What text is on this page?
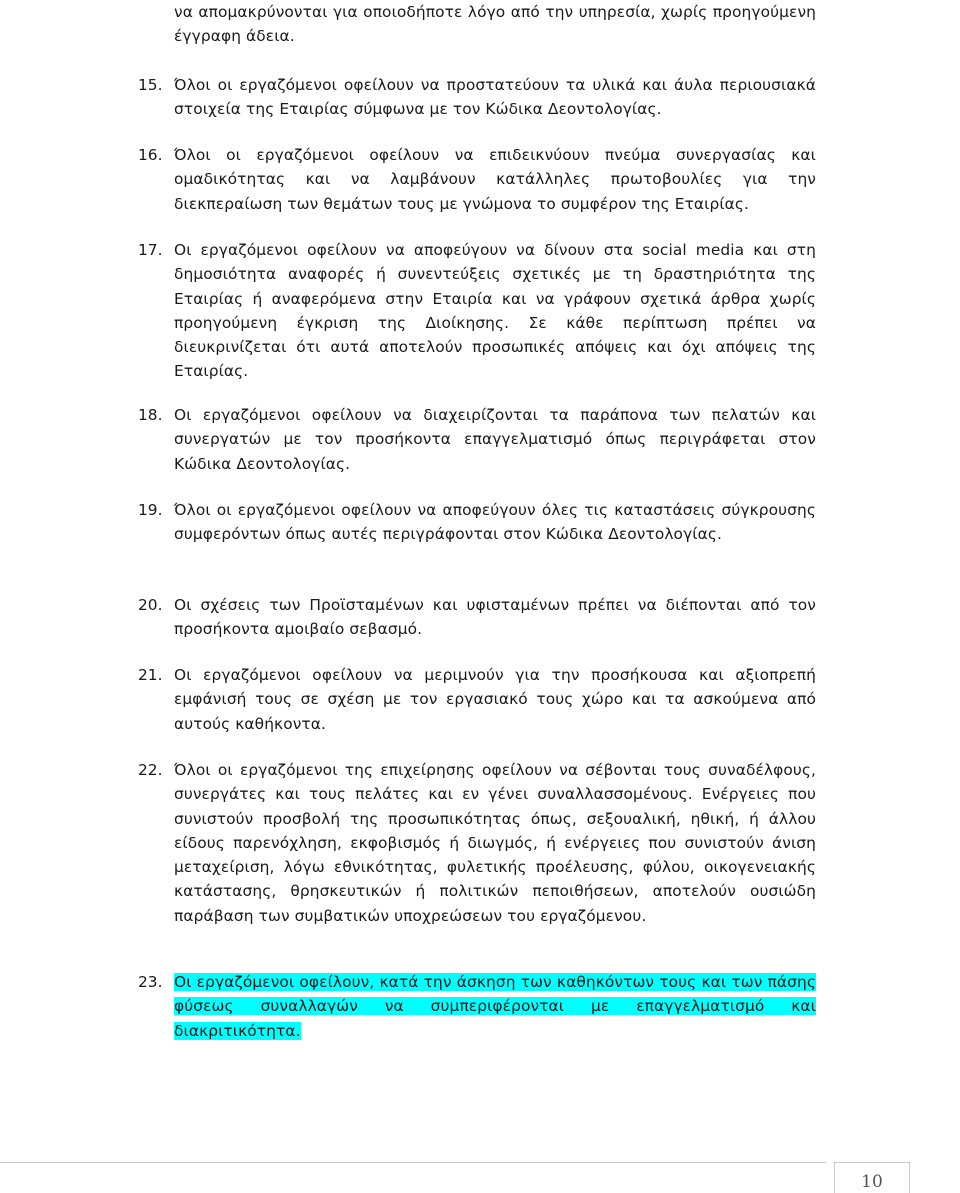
να απομακρύνονται για οποιοδήποτε λόγο από την υπηρεσία, χωρίς προηγούμενη έγγραφη άδεια.
15. Όλοι οι εργαζόμενοι οφείλουν να προστατεύουν τα υλικά και άυλα περιουσιακά στοιχεία της Εταιρίας σύμφωνα με τον Κώδικα Δεοντολογίας.
16. Όλοι οι εργαζόμενοι οφείλουν να επιδεικνύουν πνεύμα συνεργασίας και ομαδικότητας και να λαμβάνουν κατάλληλες πρωτοβουλίες για την διεκπεραίωση των θεμάτων τους με γνώμονα το συμφέρον της Εταιρίας.
17. Οι εργαζόμενοι οφείλουν να αποφεύγουν να δίνουν στα social media και στη δημοσιότητα αναφορές ή συνεντεύξεις σχετικές με τη δραστηριότητα της Εταιρίας ή αναφερόμενα στην Εταιρία και να γράφουν σχετικά άρθρα χωρίς προηγούμενη έγκριση της Διοίκησης. Σε κάθε περίπτωση πρέπει να διευκρινίζεται ότι αυτά αποτελούν προσωπικές απόψεις και όχι απόψεις της Εταιρίας.
18. Οι εργαζόμενοι οφείλουν να διαχειρίζονται τα παράπονα των πελατών και συνεργατών με τον προσήκοντα επαγγελματισμό όπως περιγράφεται στον Κώδικα Δεοντολογίας.
19. Όλοι οι εργαζόμενοι οφείλουν να αποφεύγουν όλες τις καταστάσεις σύγκρουσης συμφερόντων όπως αυτές περιγράφονται στον Κώδικα Δεοντολογίας.
20. Οι σχέσεις των Προϊσταμένων και υφισταμένων πρέπει να διέπονται από τον προσήκοντα αμοιβαίο σεβασμό.
21. Οι εργαζόμενοι οφείλουν να μεριμνούν για την προσήκουσα και αξιοπρεπή εμφάνισή τους σε σχέση με τον εργασιακό τους χώρο και τα ασκούμενα από αυτούς καθήκοντα.
22. Όλοι οι εργαζόμενοι της επιχείρησης οφείλουν να σέβονται τους συναδέλφους, συνεργάτες και τους πελάτες και εν γένει συναλλασσομένους. Ενέργειες που συνιστούν προσβολή της προσωπικότητας όπως, σεξουαλική, ηθική, ή άλλου είδους παρενόχληση, εκφοβισμός ή διωγμός, ή ενέργειες που συνιστούν άνιση μεταχείριση, λόγω εθνικότητας, φυλετικής προέλευσης, φύλου, οικογενειακής κατάστασης, θρησκευτικών ή πολιτικών πεποιθήσεων, αποτελούν ουσιώδη παράβαση των συμβατικών υποχρεώσεων του εργαζόμενου.
23. Οι εργαζόμενοι οφείλουν, κατά την άσκηση των καθηκόντων τους και των πάσης φύσεως συναλλαγών να συμπεριφέρονται με επαγγελματισμό και διακριτικότητα.
10
